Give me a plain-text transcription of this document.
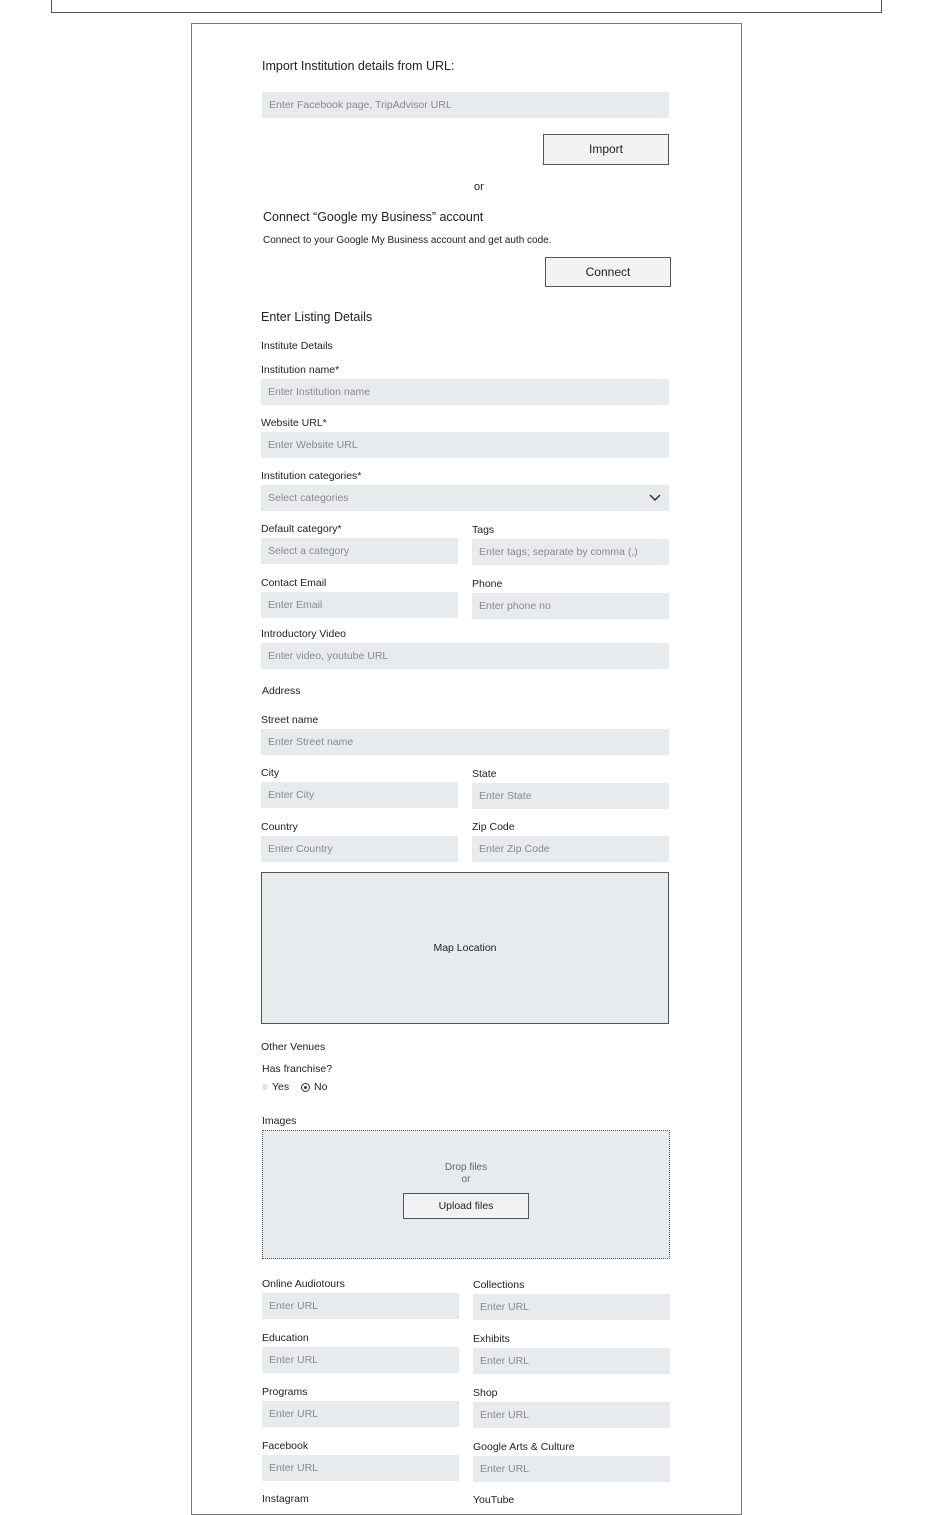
Import Institution details from URL:
Enter Facebook page, TripAdvisor URL
Import
or
Connect “Google my Business” account
Connect to your Google My Business account and get auth code.
Connect
Enter Listing Details
Institute Details
Institution name*
Enter Institution name
Website URL*
Enter Website URL
Institution categories*
Select categories
Default category*
Select a category
Tags
Enter tags; separate by comma (,)
Contact Email
Enter Email
Phone
Enter phone no
Introductory Video
Enter video, youtube URL
Address
Street name
Enter Street name
City
Enter City
State
Enter State
Country
Enter Country
Zip Code
Enter Zip Code
Map Location
Other Venues
Has franchise?
Yes No
Images
Drop files
or
Upload files
Online Audiotours
Enter URL
Collections
Enter URL
Education
Enter URL
Exhibits
Enter URL
Programs
Enter URL
Shop
Enter URL
Facebook
Enter URL
Google Arts & Culture
Enter URL
Instagram	YouTube
